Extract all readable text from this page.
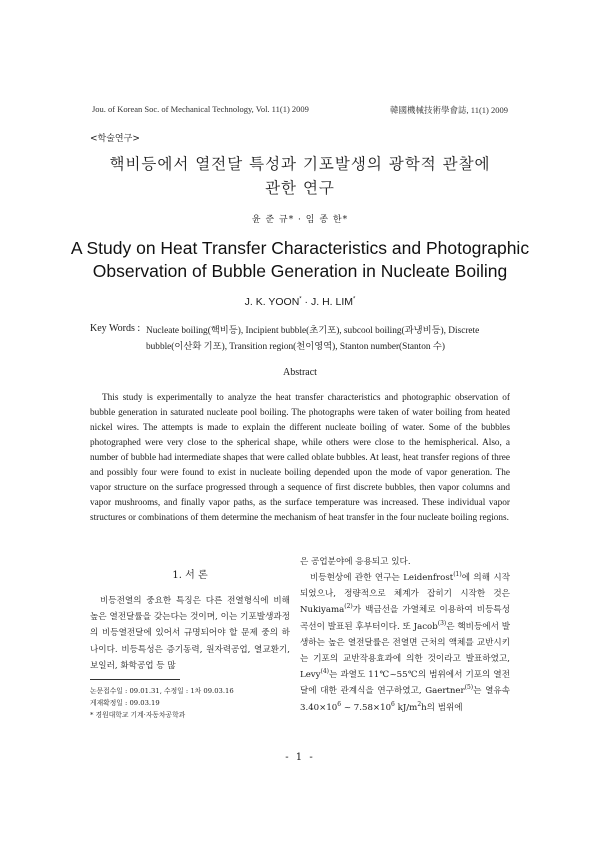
Jou. of Korean Soc. of Mechanical Technology, Vol. 11(1) 2009	韓國機械技術學會誌, 11(1) 2009
<학술연구>
핵비등에서 열전달 특성과 기포발생의 광학적 관찰에
관한 연구
윤 준 규* · 임 종 한*
A Study on Heat Transfer Characteristics and Photographic
Observation of Bubble Generation in Nucleate Boiling
J. K. YOON* · J. H. LIM*
Key Words : Nucleate boiling(핵비등), Incipient bubble(초기포), subcool boiling(과냉비등), Discrete bubble(이산화 기포), Transition region(천이영역), Stanton number(Stanton 수)
Abstract
This study is experimentally to analyze the heat transfer characteristics and photographic observation of bubble generation in saturated nucleate pool boiling. The photographs were taken of water boiling from heated nickel wires. The attempts is made to explain the different nucleate boiling of water. Some of the bubbles photographed were very close to the spherical shape, while others were close to the hemispherical. Also, a number of bubble had intermediate shapes that were called oblate bubbles. At least, heat transfer regions of three and possibly four were found to exist in nucleate boiling depended upon the mode of vapor generation. The vapor structure on the surface progressed through a sequence of first discrete bubbles, then vapor columns and vapor mushrooms, and finally vapor paths, as the surface temperature was increased. These individual vapor structures or combinations of them determine the mechanism of heat transfer in the four nucleate boiling regions.
1. 서 론
비등전열의 중요한 특징은 다른 전열형식에 비해 높은 열전달률을 갖는다는 것이며, 이는 기포발생과정의 비등열전달에 있어서 규명되어야 할 문제 중의 하나이다. 비등특성은 증기동력, 원자력공업, 열교환기, 보일러, 화학공업 등 많
은 공업분야에 응용되고 있다.
비등현상에 관한 연구는 Leidenfrost$^{(1)}$에 의해 시작되었으나, 정량적으로 체계가 잡히기 시작한 것은 Nukiyama$^{(2)}$가 백금선을 가열체로 이용하여 비등특성곡선이 발표된 후부터이다. 또 Jacob$^{(3)}$은 핵비등에서 발생하는 높은 열전달률은 전열면 근처의 액체를 교반시키는 기포의 교반작용효과에 의한 것이라고 발표하였고, Levy$^{(4)}$는 과열도 11℃~55℃의 범위에서 기포의 열전달에 대한 관계식을 연구하였고, Gaertner$^{(5)}$는 열유속 $3.40\times 10^6$ ~ $7.58\times 10^6$ $kJ/m^2h$의 범위에
논문접수일 : 09.01.31, 수정일 : 1차 09.03.16
게재확정일 : 09.03.19
* 경원대학교 기계·자동차공학과
- 1 -
